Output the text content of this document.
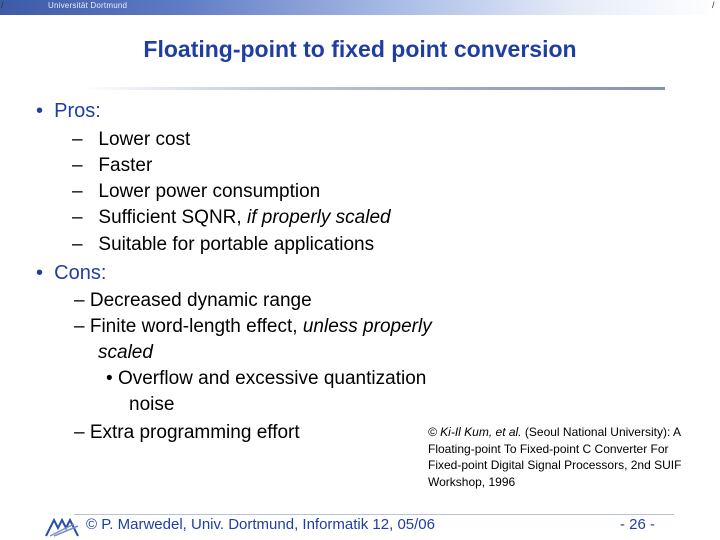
/	/
Universität Dortmund
Floating-point to fixed point conversion
• Pros:
– Lower cost
– Faster
– Lower power consumption
– Sufficient SQNR, if properly scaled
– Suitable for portable applications
• Cons:
– Decreased dynamic range
– Finite word-length effect, unless properly
scaled
• Overflow and excessive quantization
noise
– Extra programming effort	© Ki-Il Kum, et al. (Seoul National University): A Floating-point To Fixed-point C Converter For Fixed-point Digital Signal Processors, 2nd SUIF Workshop, 1996
© P. Marwedel, Univ. Dortmund, Informatik 12, 05/06	- 26 -
